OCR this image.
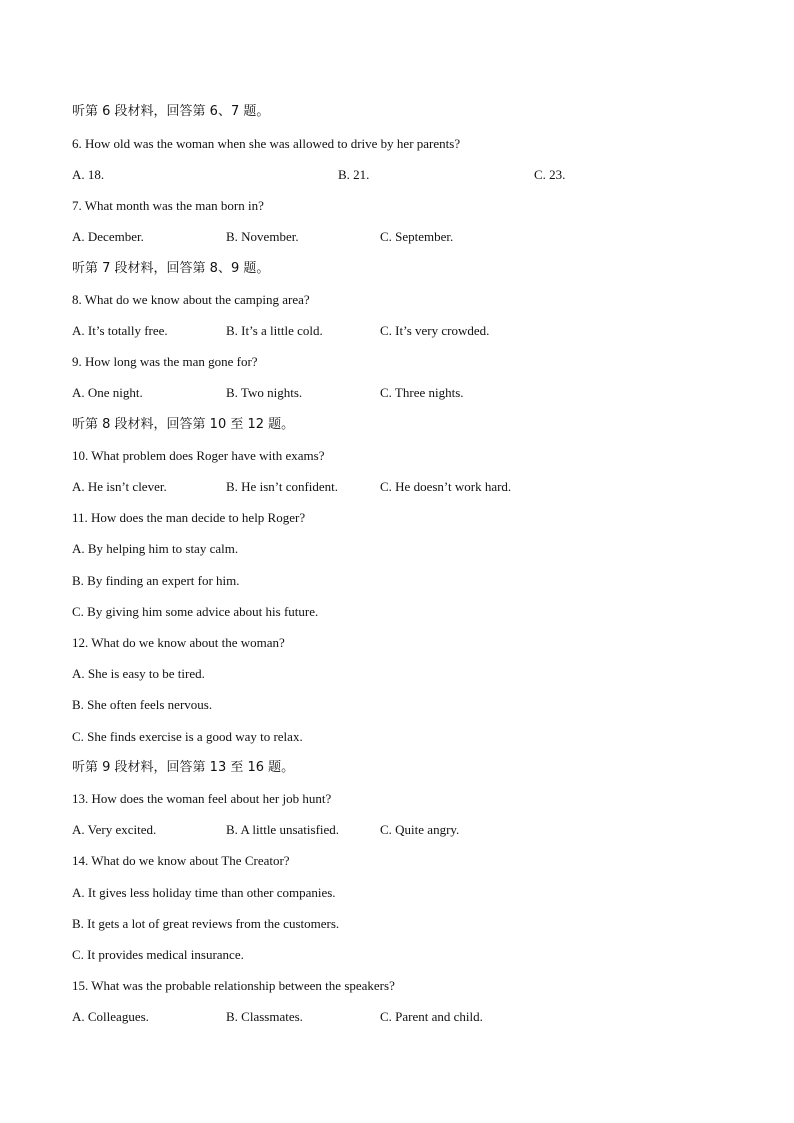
听第 6 段材料，回答第 6、7 题。
6. How old was the woman when she was allowed to drive by her parents?
A. 18.	B. 21.	C. 23.
7. What month was the man born in?
A. December.	B. November.	C. September.
听第 7 段材料，回答第 8、9 题。
8. What do we know about the camping area?
A. It’s totally free.	B. It’s a little cold.	C. It’s very crowded.
9. How long was the man gone for?
A. One night.	B. Two nights.	C. Three nights.
听第 8 段材料，回答第 10 至 12 题。
10. What problem does Roger have with exams?
A. He isn’t clever.	B. He isn’t confident.	C. He doesn’t work hard.
11. How does the man decide to help Roger?
A. By helping him to stay calm.
B. By finding an expert for him.
C. By giving him some advice about his future.
12. What do we know about the woman?
A. She is easy to be tired.
B. She often feels nervous.
C. She finds exercise is a good way to relax.
听第 9 段材料，回答第 13 至 16 题。
13. How does the woman feel about her job hunt?
A. Very excited.	B. A little unsatisfied.	C. Quite angry.
14. What do we know about The Creator?
A. It gives less holiday time than other companies.
B. It gets a lot of great reviews from the customers.
C. It provides medical insurance.
15. What was the probable relationship between the speakers?
A. Colleagues.	B. Classmates.	C. Parent and child.
